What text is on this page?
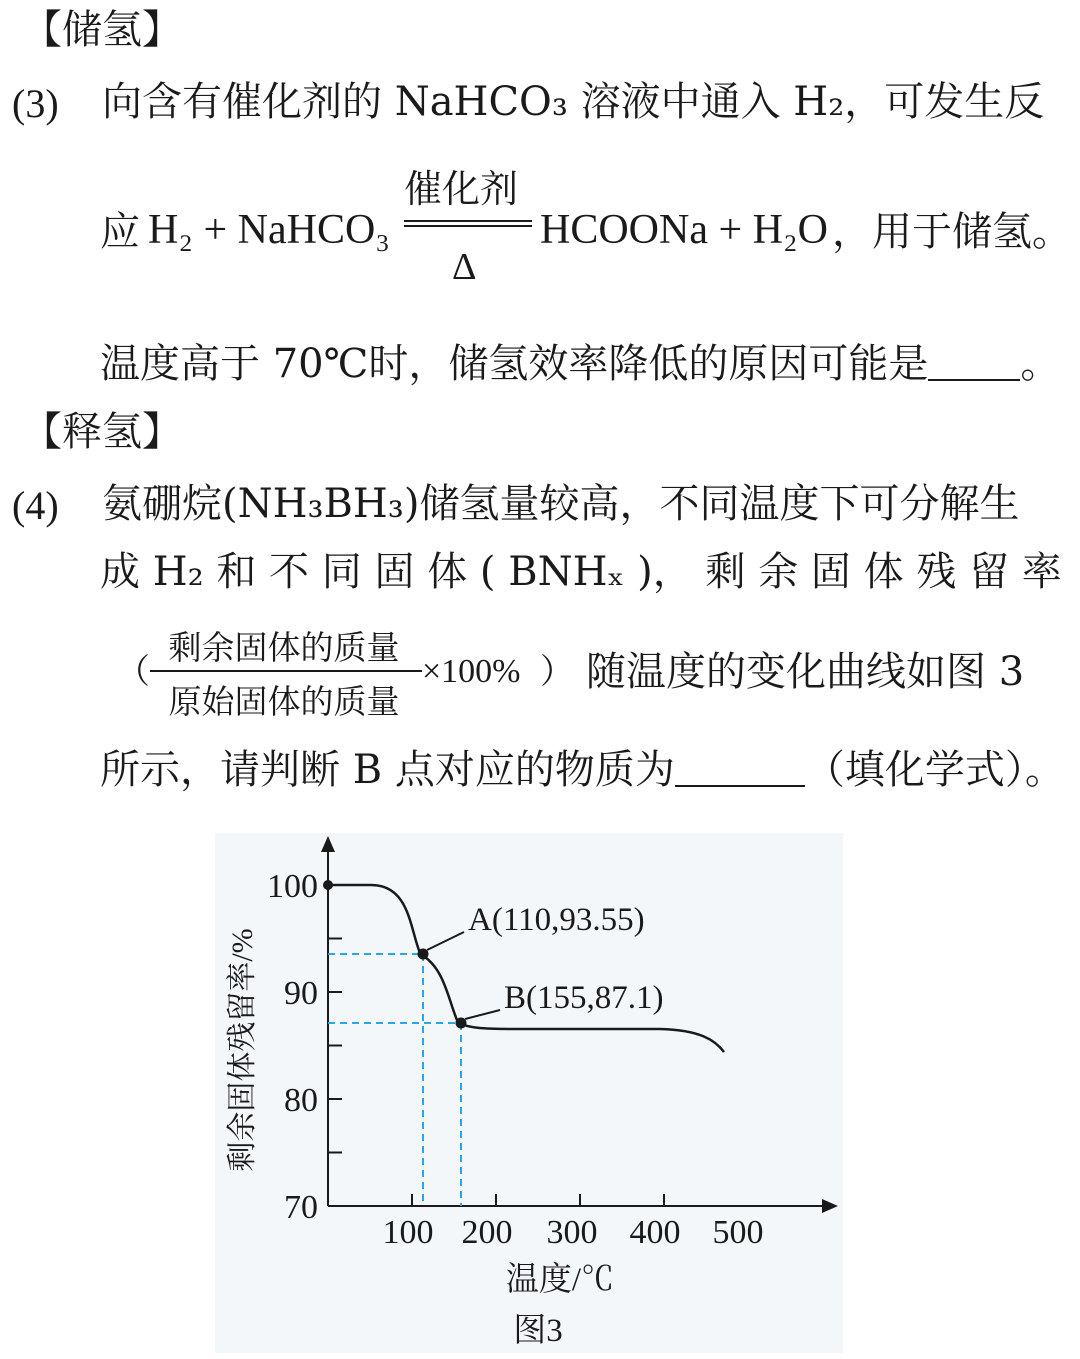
【储氢】
(3) 向含有催化剂的 NaHCO₃ 溶液中通入 H₂，可发生反
应 H₂ + NaHCO₃
催化剂
Δ
HCOONa + H₂O ，用于储氢。
温度高于 70℃时，储氢效率降低的原因可能是 。
【释氢】
(4) 氨硼烷(NH₃BH₃)储氢量较高，不同温度下可分解生
成 H₂ 和 不 同 固 体 ( BNHₓ )， 剩 余 固 体 残 留 率
（
剩余固体的质量
原始固体的质量
×100% ） 随温度的变化曲线如图 3
所示，请判断 B 点对应的物质为	（填化学式）。
70
80
90
100
100 200 300 400 500
温度/℃
剩余固体残留率/%
图3
A(110,93.55)
B(155,87.1)
